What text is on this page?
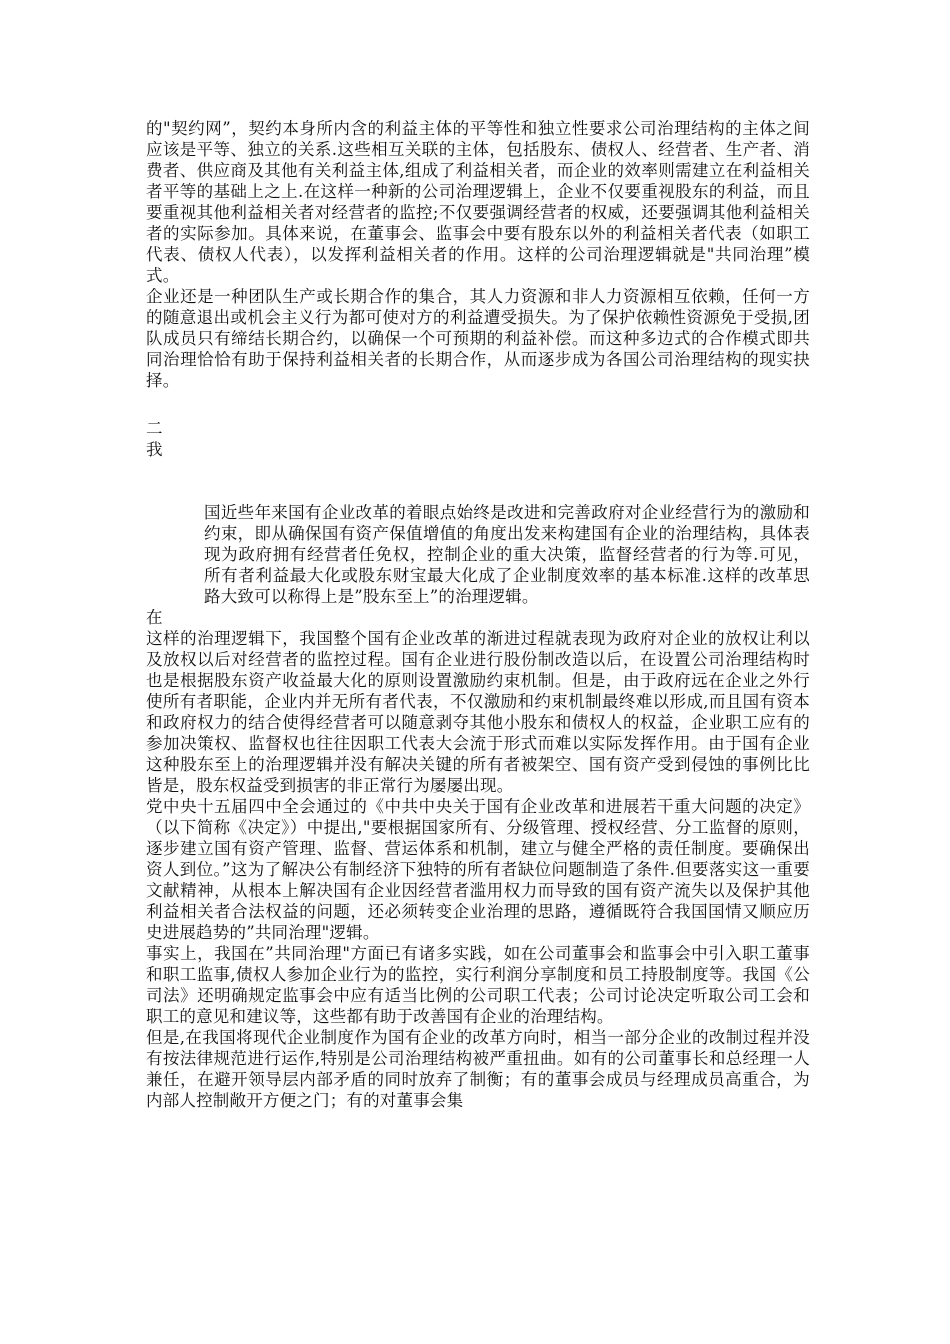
的"契约网”，契约本身所内含的利益主体的平等性和独立性要求公司治理结构的主体之间应该是平等、独立的关系.这些相互关联的主体，包括股东、债权人、经营者、生产者、消费者、供应商及其他有关利益主体,组成了利益相关者，而企业的效率则需建立在利益相关者平等的基础上之上.在这样一种新的公司治理逻辑上，企业不仅要重视股东的利益，而且要重视其他利益相关者对经营者的监控;不仅要强调经营者的权威，还要强调其他利益相关者的实际参加。具体来说，在董事会、监事会中要有股东以外的利益相关者代表（如职工代表、债权人代表），以发挥利益相关者的作用。这样的公司治理逻辑就是"共同治理”模式。

企业还是一种团队生产或长期合作的集合，其人力资源和非人力资源相互依赖，任何一方的随意退出或机会主义行为都可使对方的利益遭受损失。为了保护依赖性资源免于受损,团队成员只有缔结长期合约，以确保一个可预期的利益补偿。而这种多边式的合作模式即共同治理恰恰有助于保持利益相关者的长期合作，从而逐步成为各国公司治理结构的现实抉择。

二

我

国近些年来国有企业改革的着眼点始终是改进和完善政府对企业经营行为的激励和约束，即从确保国有资产保值增值的角度出发来构建国有企业的治理结构，具体表现为政府拥有经营者任免权，控制企业的重大决策，监督经营者的行为等.可见，所有者利益最大化或股东财宝最大化成了企业制度效率的基本标准.这样的改革思路大致可以称得上是”股东至上”的治理逻辑。

在

这样的治理逻辑下，我国整个国有企业改革的渐进过程就表现为政府对企业的放权让利以及放权以后对经营者的监控过程。国有企业进行股份制改造以后，在设置公司治理结构时也是根据股东资产收益最大化的原则设置激励约束机制。但是，由于政府远在企业之外行使所有者职能，企业内并无所有者代表，不仅激励和约束机制最终难以形成,而且国有资本和政府权力的结合使得经营者可以随意剥夺其他小股东和债权人的权益，企业职工应有的参加决策权、监督权也往往因职工代表大会流于形式而难以实际发挥作用。由于国有企业这种股东至上的治理逻辑并没有解决关键的所有者被架空、国有资产受到侵蚀的事例比比皆是，股东权益受到损害的非正常行为屡屡出现。

党中央十五届四中全会通过的《中共中央关于国有企业改革和进展若干重大问题的决定》（以下简称《决定》）中提出,"要根据国家所有、分级管理、授权经营、分工监督的原则，逐步建立国有资产管理、监督、营运体系和机制，建立与健全严格的责任制度。要确保出资人到位。”这为了解决公有制经济下独特的所有者缺位问题制造了条件.但要落实这一重要文献精神，从根本上解决国有企业因经营者滥用权力而导致的国有资产流失以及保护其他利益相关者合法权益的问题，还必须转变企业治理的思路，遵循既符合我国国情又顺应历史进展趋势的”共同治理"逻辑。

事实上，我国在”共同治理"方面已有诸多实践，如在公司董事会和监事会中引入职工董事和职工监事,债权人参加企业行为的监控，实行利润分享制度和员工持股制度等。我国《公司法》还明确规定监事会中应有适当比例的公司职工代表；公司讨论决定听取公司工会和职工的意见和建议等，这些都有助于改善国有企业的治理结构。

但是,在我国将现代企业制度作为国有企业的改革方向时，相当一部分企业的改制过程并没有按法律规范进行运作,特别是公司治理结构被严重扭曲。如有的公司董事长和总经理一人兼任，在避开领导层内部矛盾的同时放弃了制衡；有的董事会成员与经理成员高重合，为内部人控制敞开方便之门；有的对董事会集
